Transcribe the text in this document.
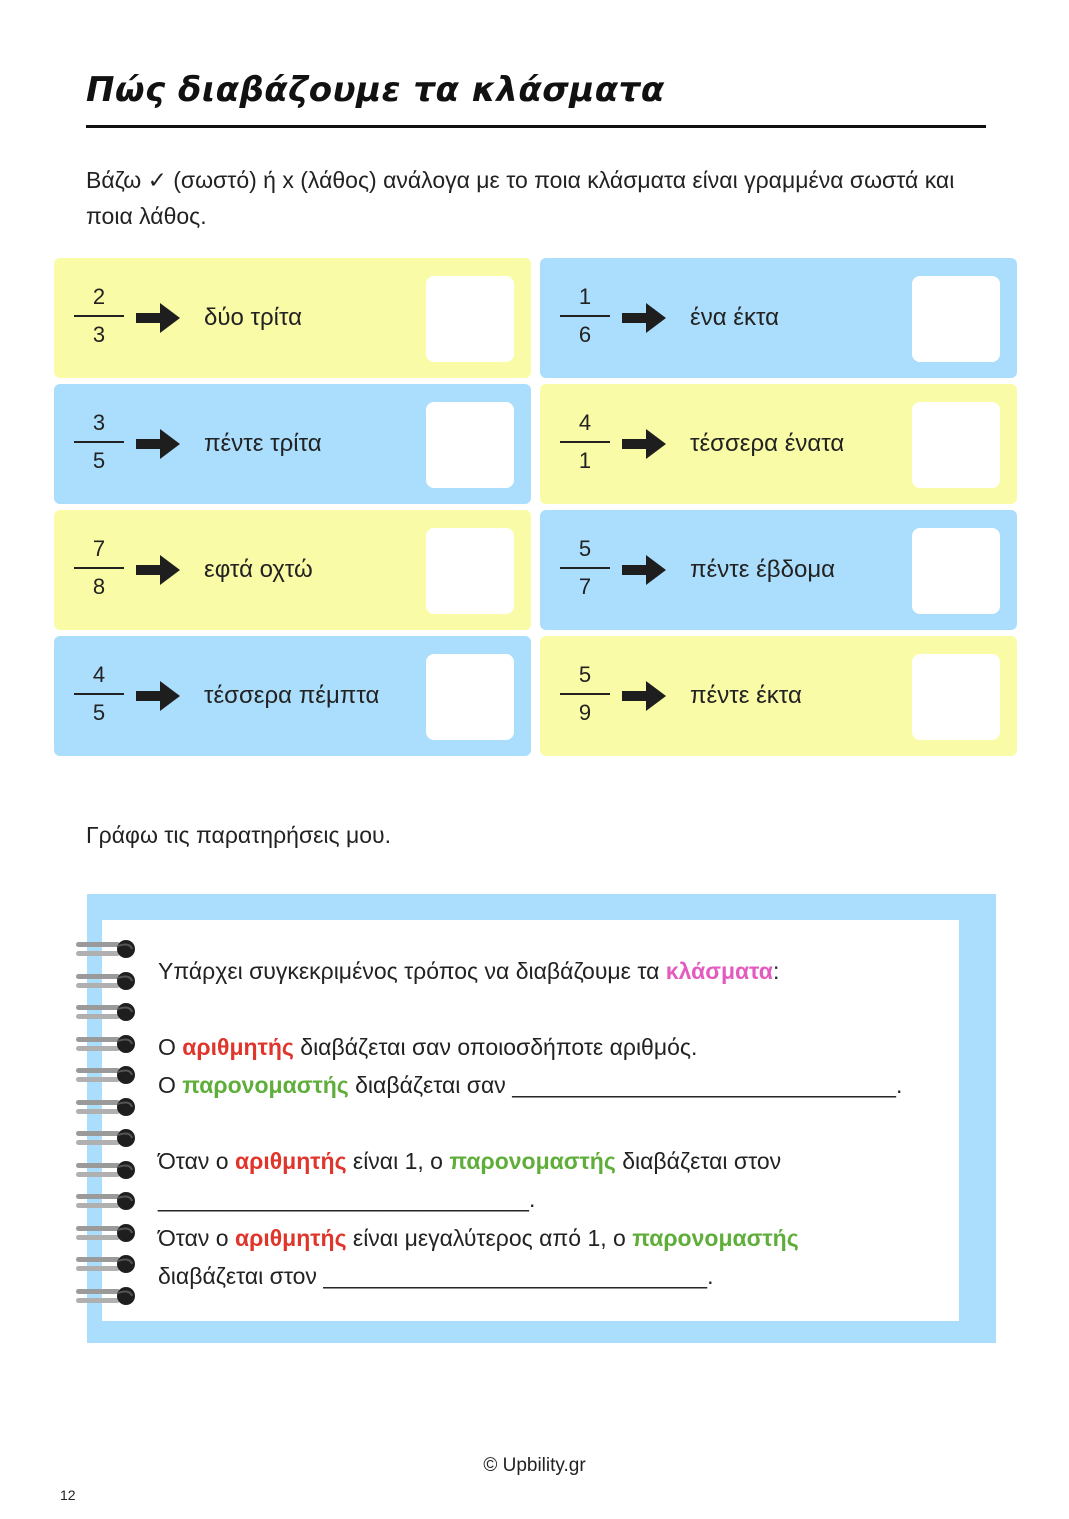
Πώς διαβάζουμε τα κλάσματα
Βάζω ✓ (σωστό) ή x (λάθος) ανάλογα με το ποια κλάσματα είναι γραμμένα σωστά και ποια λάθος.
2
3
δύο τρίτα
1
6
ένα έκτα
3
5
πέντε τρίτα
4
1
τέσσερα ένατα
7
8
εφτά οχτώ
5
7
πέντε έβδομα
4
5
τέσσερα πέμπτα
5
9
πέντε έκτα
Γράφω τις παρατηρήσεις μου.
Υπάρχει συγκεκριμένος τρόπος να διαβάζουμε τα κλάσματα:
Ο αριθμητής διαβάζεται σαν οποιοσδήποτε αριθμός.
Ο παρονομαστής διαβάζεται σαν ______________________________.
Όταν ο αριθμητής είναι 1, ο παρονομαστής διαβάζεται στον
_____________________________.
Όταν ο αριθμητής είναι μεγαλύτερος από 1, ο παρονομαστής
διαβάζεται στον ______________________________.
© Upbility.gr
12
